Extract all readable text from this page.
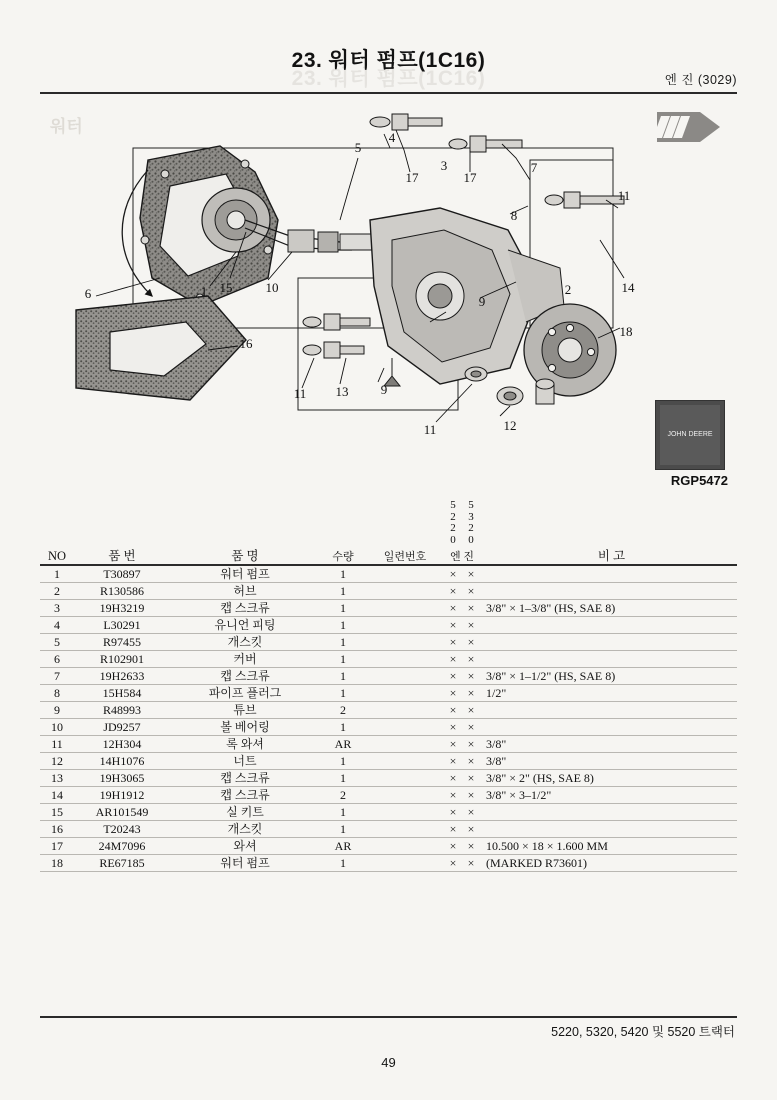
23. 워터 펌프(1C16)
23. 워터 펌프(1C16)
엔 진 (3029)
워터
5
4
17	17
3	7
8
11
14
6	15
1	10	2
18
9
16
11 13 9
11	12
JOHN DEERE
RGP5472

5
2
2
0

5
3
2
0

NO	품 번	품 명	수량	일련번호	엔 진		비 고
1	T30897	워터 펌프	1		×	×	
2	R130586	허브	1		×	×	
3	19H3219	캡 스크류	1		×	×	3/8" × 1–3/8" (HS, SAE 8)
4	L30291	유니언 피팅	1		×	×	
5	R97455	개스킷	1		×	×	
6	R102901	커버	1		×	×	
7	19H2633	캡 스크류	1		×	×	3/8" × 1–1/2" (HS, SAE 8)
8	15H584	파이프 플러그	1		×	×	1/2"
9	R48993	튜브	2		×	×	
10	JD9257	볼 베어링	1		×	×	
11	12H304	록 와셔	AR		×	×	3/8"
12	14H1076	너트	1		×	×	3/8"
13	19H3065	캡 스크류	1		×	×	3/8" × 2" (HS, SAE 8)
14	19H1912	캡 스크류	2		×	×	3/8" × 3–1/2"
15	AR101549	실 키트	1		×	×	
16	T20243	개스킷	1		×	×	
17	24M7096	와셔	AR		×	×	10.500 × 18 × 1.600 MM
18	RE67185	워터 펌프	1		×	×	(MARKED R73601)
5220, 5320, 5420 및 5520 트랙터
49
